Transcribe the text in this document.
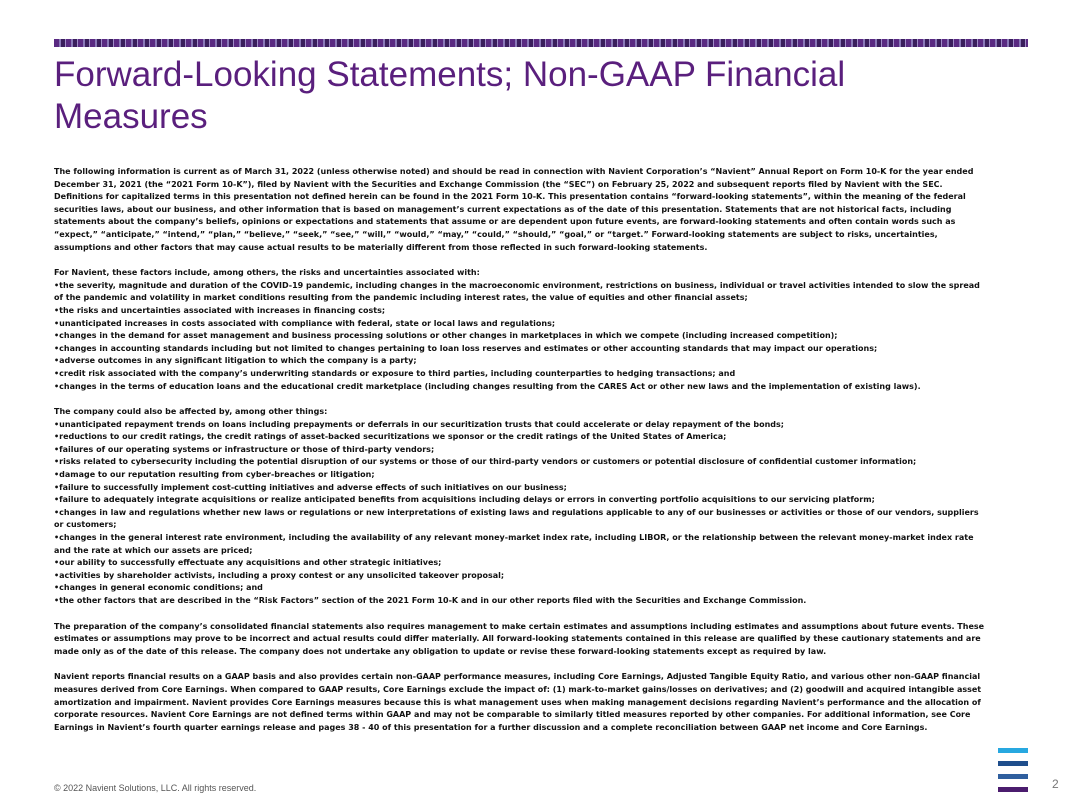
Forward-Looking Statements; Non-GAAP Financial Measures

The following information is current as of March 31, 2022 (unless otherwise noted) and should be read in connection with Navient Corporation’s “Navient” Annual Report on Form 10-K for the year ended December 31, 2021 (the “2021 Form 10-K”), filed by Navient with the Securities and Exchange Commission (the “SEC”) on February 25, 2022 and subsequent reports filed by Navient with the SEC. Definitions for capitalized terms in this presentation not defined herein can be found in the 2021 Form 10-K. This presentation contains “forward-looking statements”, within the meaning of the federal securities laws, about our business, and other information that is based on management’s current expectations as of the date of this presentation. Statements that are not historical facts, including statements about the company’s beliefs, opinions or expectations and statements that assume or are dependent upon future events, are forward-looking statements and often contain words such as “expect,” “anticipate,” “intend,” “plan,” “believe,” “seek,” “see,” “will,” “would,” “may,” “could,” “should,” “goal,” or “target.” Forward-looking statements are subject to risks, uncertainties, assumptions and other factors that may cause actual results to be materially different from those reflected in such forward-looking statements.

For Navient, these factors include, among others, the risks and uncertainties associated with:

• the severity, magnitude and duration of the COVID-19 pandemic, including changes in the macroeconomic environment, restrictions on business, individual or travel activities intended to slow the spread of the pandemic and volatility in market conditions resulting from the pandemic including interest rates, the value of equities and other financial assets;
• the risks and uncertainties associated with increases in financing costs;
• unanticipated increases in costs associated with compliance with federal, state or local laws and regulations;
• changes in the demand for asset management and business processing solutions or other changes in marketplaces in which we compete (including increased competition);
• changes in accounting standards including but not limited to changes pertaining to loan loss reserves and estimates or other accounting standards that may impact our operations;
• adverse outcomes in any significant litigation to which the company is a party;
• credit risk associated with the company’s underwriting standards or exposure to third parties, including counterparties to hedging transactions; and
• changes in the terms of education loans and the educational credit marketplace (including changes resulting from the CARES Act or other new laws and the implementation of existing laws).

The company could also be affected by, among other things:

• unanticipated repayment trends on loans including prepayments or deferrals in our securitization trusts that could accelerate or delay repayment of the bonds;
• reductions to our credit ratings, the credit ratings of asset-backed securitizations we sponsor or the credit ratings of the United States of America;
• failures of our operating systems or infrastructure or those of third-party vendors;
• risks related to cybersecurity including the potential disruption of our systems or those of our third-party vendors or customers or potential disclosure of confidential customer information;
• damage to our reputation resulting from cyber-breaches or litigation;
• failure to successfully implement cost-cutting initiatives and adverse effects of such initiatives on our business;
• failure to adequately integrate acquisitions or realize anticipated benefits from acquisitions including delays or errors in converting portfolio acquisitions to our servicing platform;
• changes in law and regulations whether new laws or regulations or new interpretations of existing laws and regulations applicable to any of our businesses or activities or those of our vendors, suppliers or customers;
• changes in the general interest rate environment, including the availability of any relevant money-market index rate, including LIBOR, or the relationship between the relevant money-market index rate and the rate at which our assets are priced;
• our ability to successfully effectuate any acquisitions and other strategic initiatives;
• activities by shareholder activists, including a proxy contest or any unsolicited takeover proposal;
• changes in general economic conditions; and
• the other factors that are described in the “Risk Factors” section of the 2021 Form 10-K and in our other reports filed with the Securities and Exchange Commission.

The preparation of the company’s consolidated financial statements also requires management to make certain estimates and assumptions including estimates and assumptions about future events. These estimates or assumptions may prove to be incorrect and actual results could differ materially. All forward-looking statements contained in this release are qualified by these cautionary statements and are made only as of the date of this release. The company does not undertake any obligation to update or revise these forward-looking statements except as required by law.

Navient reports financial results on a GAAP basis and also provides certain non-GAAP performance measures, including Core Earnings, Adjusted Tangible Equity Ratio, and various other non-GAAP financial measures derived from Core Earnings. When compared to GAAP results, Core Earnings exclude the impact of: (1) mark-to-market gains/losses on derivatives; and (2) goodwill and acquired intangible asset amortization and impairment. Navient provides Core Earnings measures because this is what management uses when making management decisions regarding Navient’s performance and the allocation of corporate resources. Navient Core Earnings are not defined terms within GAAP and may not be comparable to similarly titled measures reported by other companies. For additional information, see Core Earnings in Navient’s fourth quarter earnings release and pages 38 - 40 of this presentation for a further discussion and a complete reconciliation between GAAP net income and Core Earnings.

© 2022 Navient Solutions, LLC. All rights reserved.	2
